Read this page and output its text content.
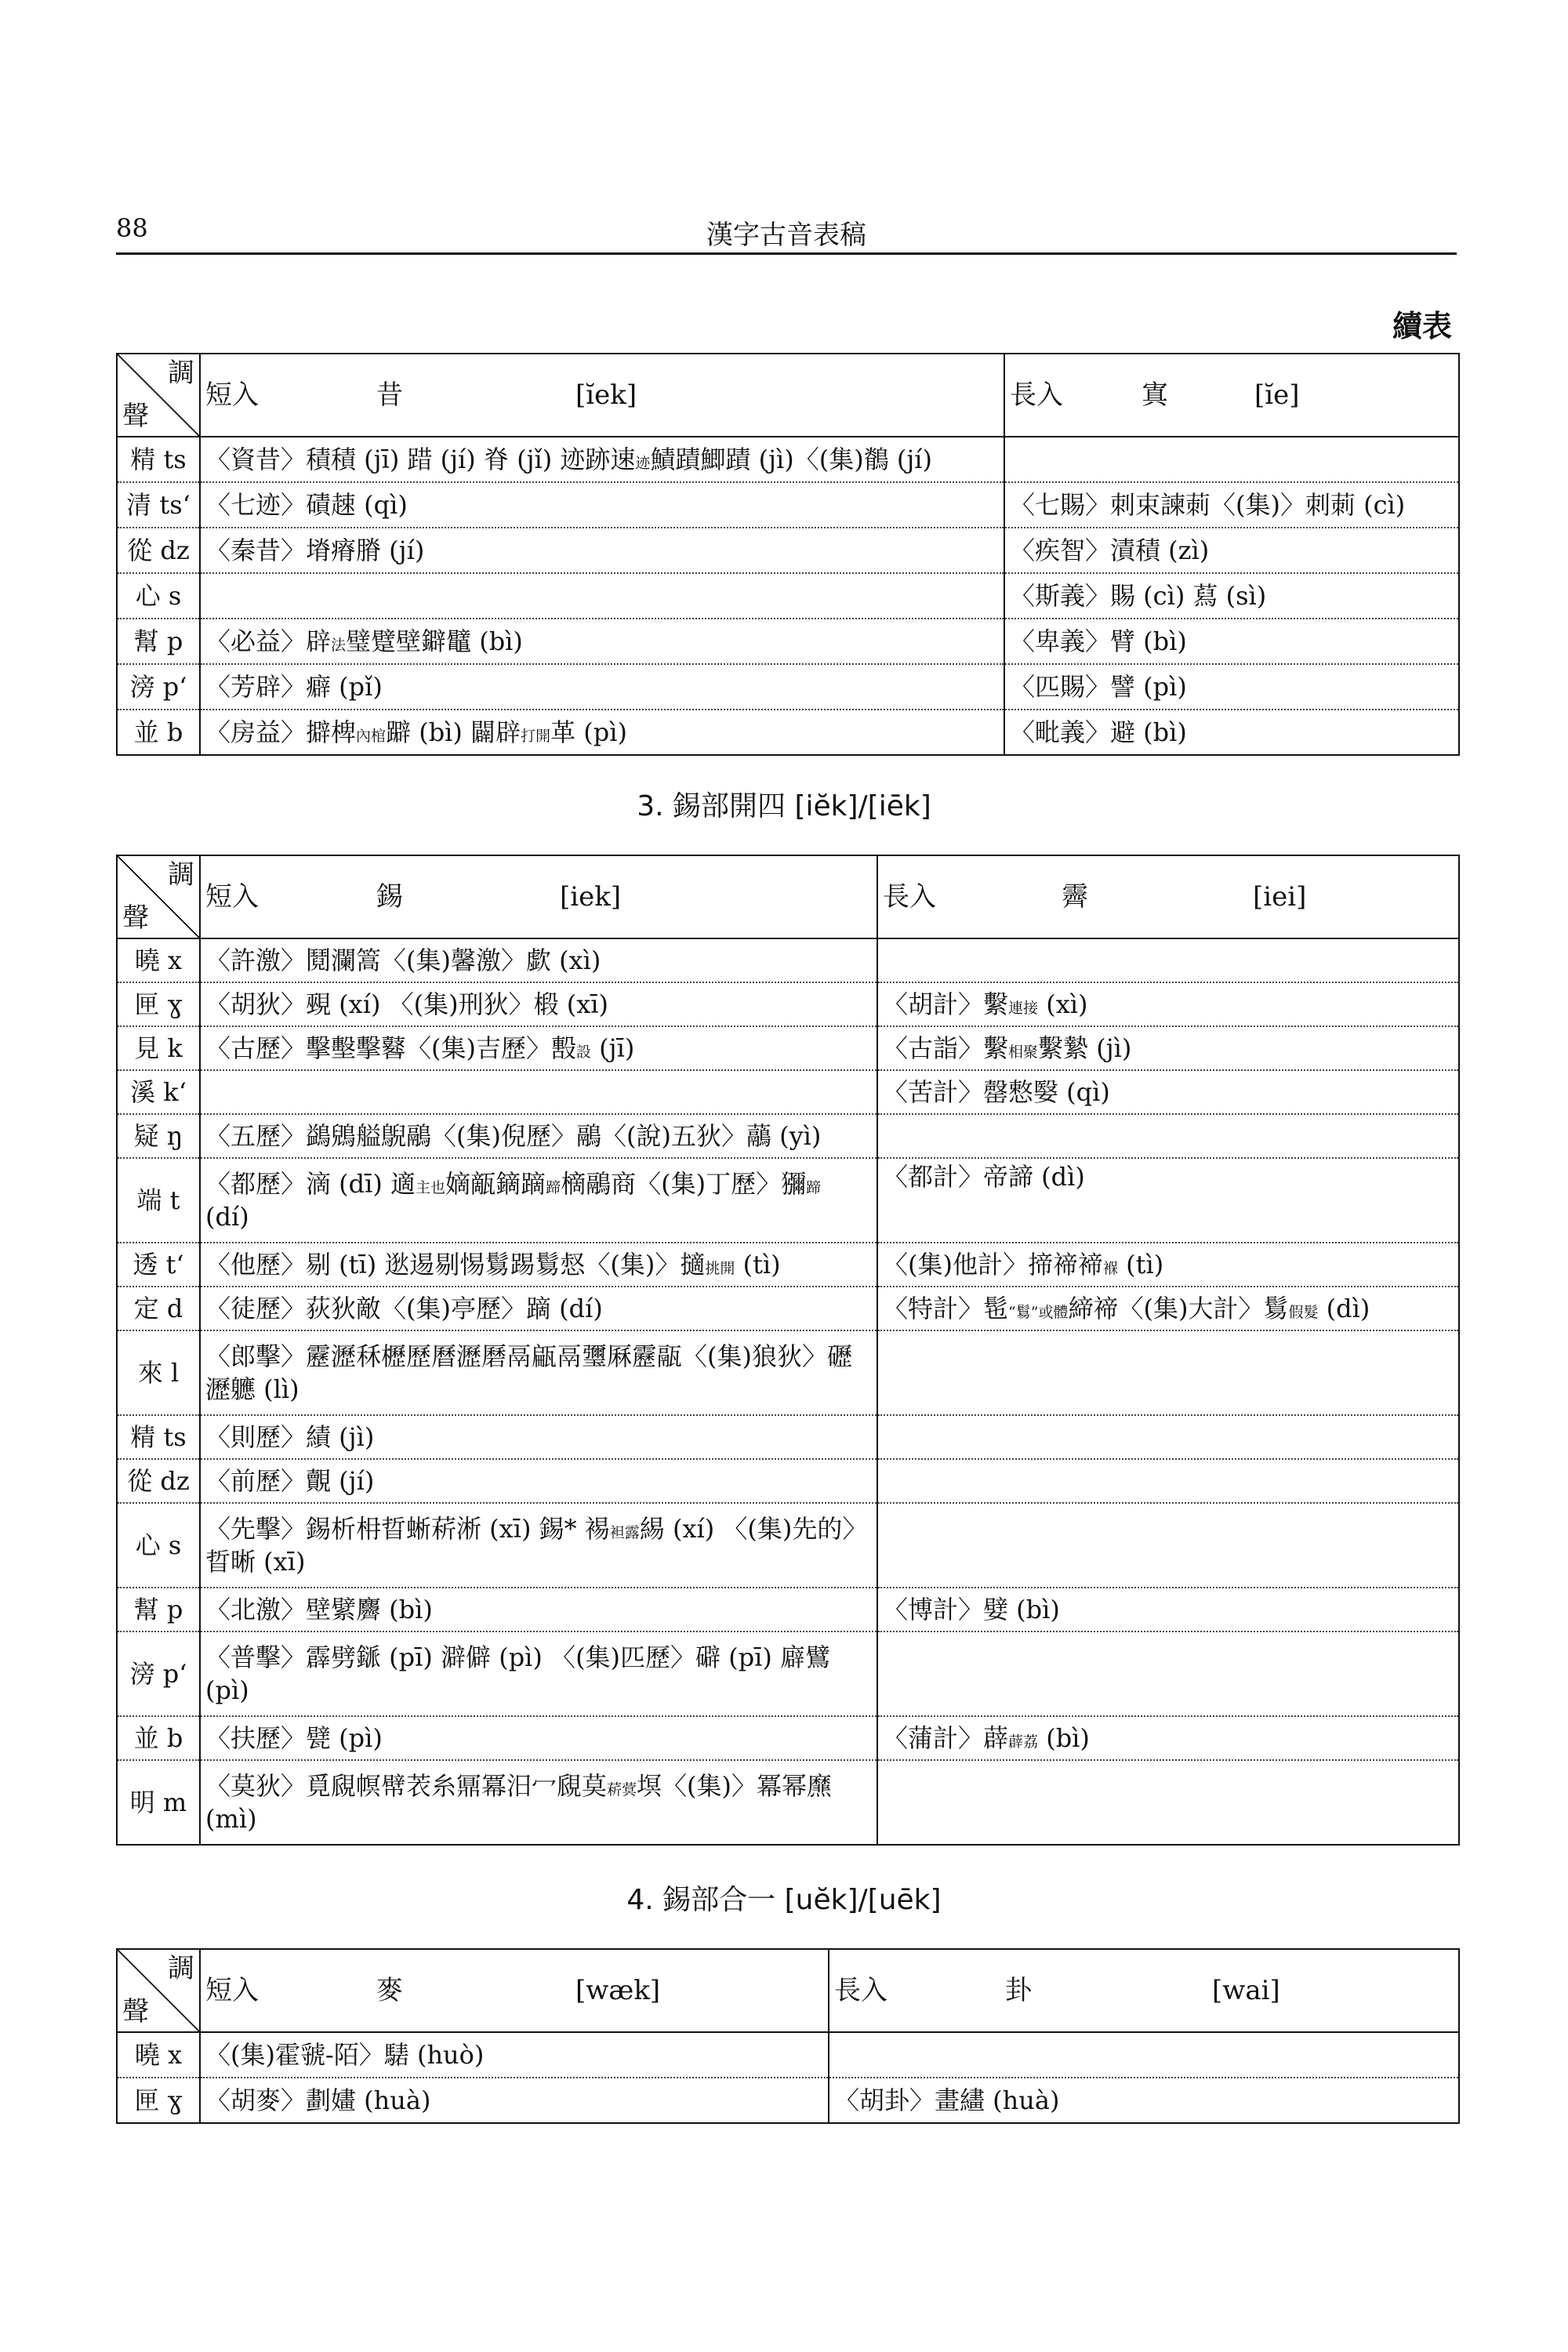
88	漢字古音表稿
續表
調
聲	短入 昔 [ĭek]	長入 寘 [ĭe]
精 ts	〈資昔〉積積 (jī) 踖 (jí) 脊 (jǐ) 迹跡速迹鰿蹟鯽蹟 (jì)〈(集)鶺 (jí)	
清 ts‘	〈七迹〉磧趚 (qì)	〈七賜〉刺束諫莿〈(集)〉刺莿 (cì)
從 dz	〈秦昔〉塉瘠膌 (jí)	〈疾智〉漬積 (zì)
心 s		〈斯義〉賜 (cì) 蕮 (sì)
幫 p	〈必益〉辟法璧躄壁鐴鼊 (bì)	〈卑義〉臂 (bì)
滂 p‘	〈芳辟〉癖 (pǐ)	〈匹賜〉譬 (pì)
並 b	〈房益〉擗椑內棺躃 (bì) 闢辟打開革 (pì)	〈毗義〉避 (bì)
3. 錫部開四 [iĕk]/[iēk]
調
聲	短入 錫 [iek]	長入 霽 [iei]
曉 x	〈許激〉鬩瀾篙〈(集)馨激〉歔 (xì)	
匣 ɣ	〈胡狄〉覡 (xí) 〈(集)刑狄〉椴 (xī)	〈胡計〉繫連接 (xì)
見 k	〈古歷〉擊墼擊鼛〈(集)吉歷〉毄設 (jī)	〈古詣〉繫相聚繫縶 (jì)
溪 k‘		〈苦計〉罄慗嫛 (qì)
疑 ŋ	〈五歷〉鷁鶂艗鶃鷊〈(集)倪歷〉鷊〈(說)五狄〉虉 (yì)	
端 t	〈都歷〉滴 (dī) 適主也嫡甋鏑蹢蹄樀鷊商〈(集)丁歷〉獼蹄 (dí)	〈都計〉帝諦 (dì)
透 t‘	〈他歷〉剔 (tī) 逖逷剔惕鬄踢鬄惄〈(集)〉擿挑開 (tì)	〈(集)他計〉揥禘褅褓 (tì)
定 d	〈徒歷〉荻狄敵〈(集)亭歷〉蹢 (dí)	〈特計〉髢“鬄”或體締禘〈(集)大計〉鬄假髮 (dì)
來 l	〈郎擊〉靂瀝秝櫪歷曆瀝磿鬲甂鬲瓕厤靂䰛〈(集)狼狄〉礰瀝軈 (lì)	
精 ts	〈則歷〉績 (jì)	
從 dz	〈前歷〉覿 (jí)	
心 s	〈先擊〉錫析枏晢蜥菥淅 (xī) 錫* 裼袒露緆 (xí) 〈(集)先的〉晢晰 (xī)	
幫 p	〈北激〉壁繴麡 (bì)	〈博計〉嬖 (bì)
滂 p‘	〈普擊〉霹劈鎃 (pī) 澼僻 (pì) 〈(集)匹歷〉礔 (pī) 廦鷿 (pì)	
並 b	〈扶歷〉甓 (pì)	〈蒲計〉薜薜荔 (bì)
明 m	〈莫狄〉覓覛幎幦䒾糸鼏冪汨冖覛莫菥蓂塓〈(集)〉冪幂爢 (mì)	
4. 錫部合一 [uĕk]/[uēk]
調
聲	短入 麥 [wæk]	長入 卦 [wai]
曉 x	〈(集)霍虢-陌〉騞 (huò)	
匣 ɣ	〈胡麥〉劃嫿 (huà)	〈胡卦〉畫繣 (huà)
